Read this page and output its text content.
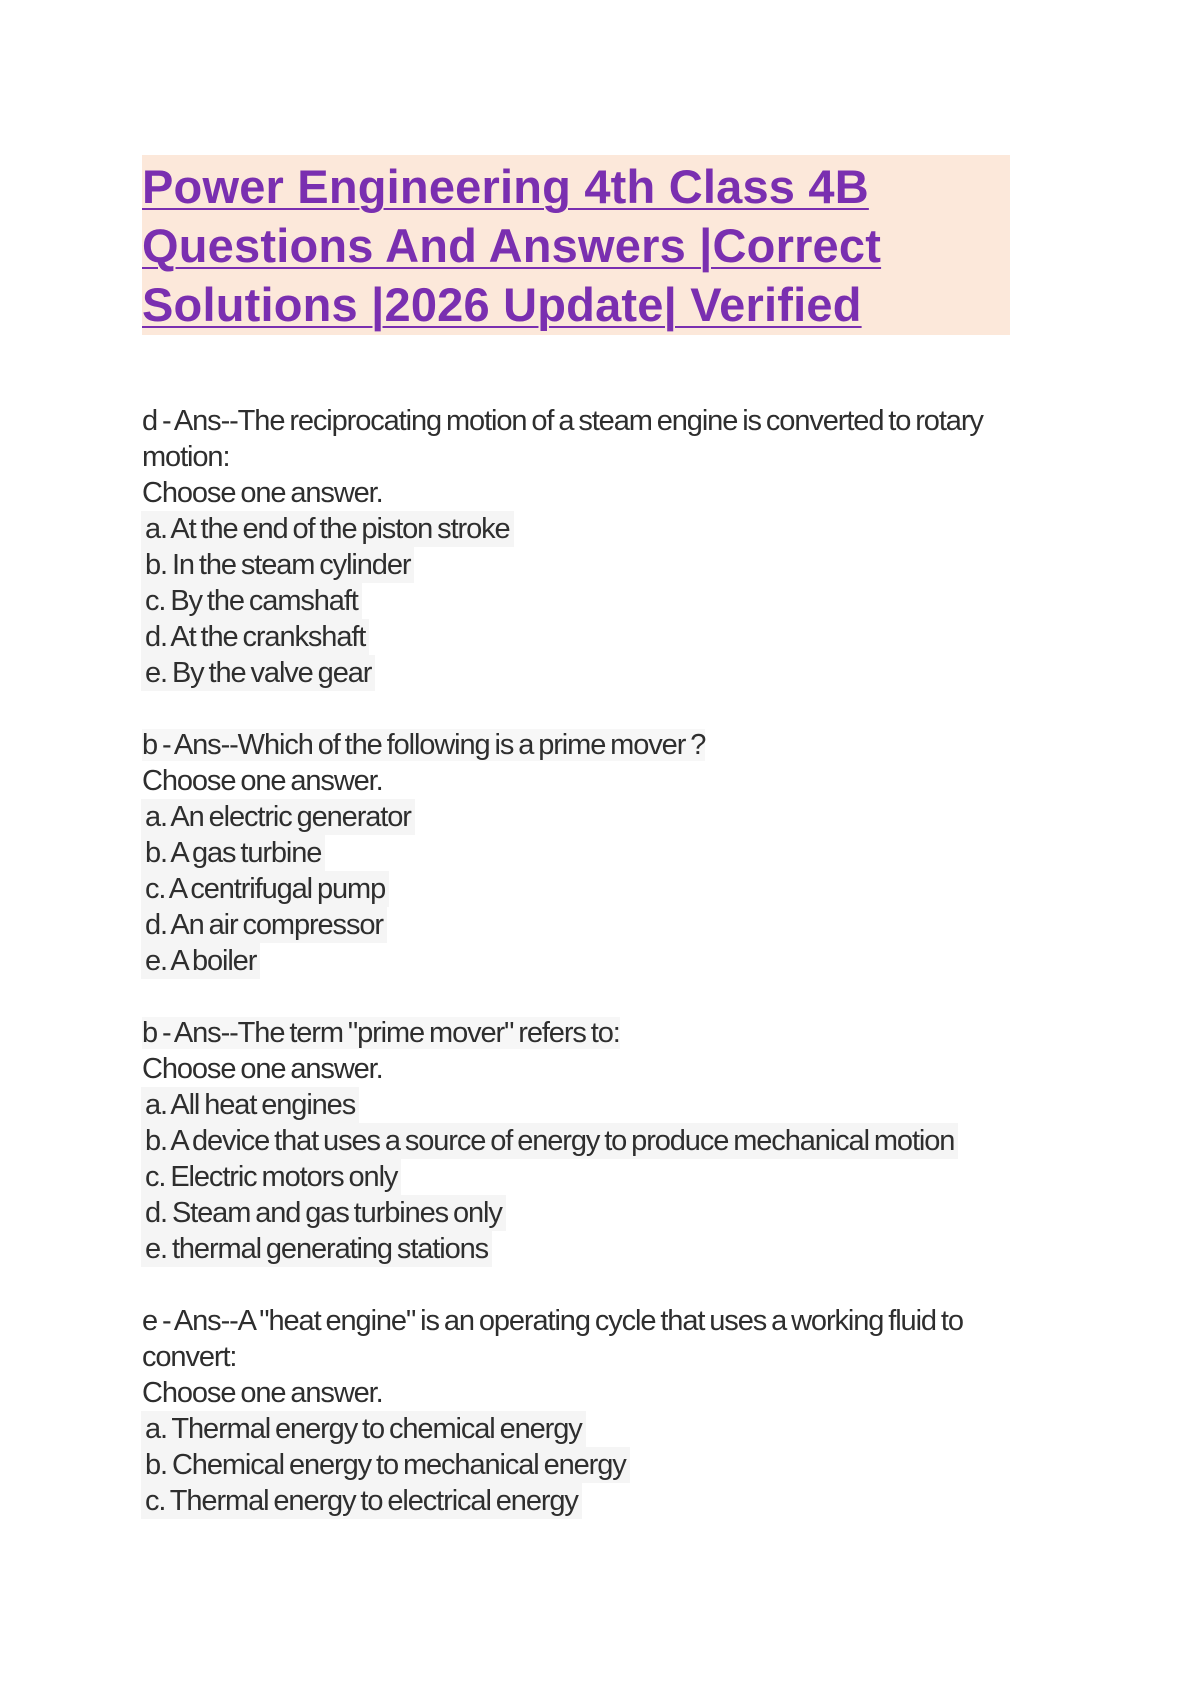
Power Engineering 4th Class 4B
Questions And Answers |Correct
Solutions |2026 Update| Verified
d - Ans--The reciprocating motion of a steam engine is converted to rotary
motion:
Choose one answer.
a. At the end of the piston stroke
b. In the steam cylinder
c. By the camshaft
d. At the crankshaft
e. By the valve gear
b - Ans--Which of the following is a prime mover ?
Choose one answer.
a. An electric generator
b. A gas turbine
c. A centrifugal pump
d. An air compressor
e. A boiler
b - Ans--The term "prime mover" refers to:
Choose one answer.
a. All heat engines
b. A device that uses a source of energy to produce mechanical motion
c. Electric motors only
d. Steam and gas turbines only
e. thermal generating stations
e - Ans--A "heat engine" is an operating cycle that uses a working fluid to
convert:
Choose one answer.
a. Thermal energy to chemical energy
b. Chemical energy to mechanical energy
c. Thermal energy to electrical energy
